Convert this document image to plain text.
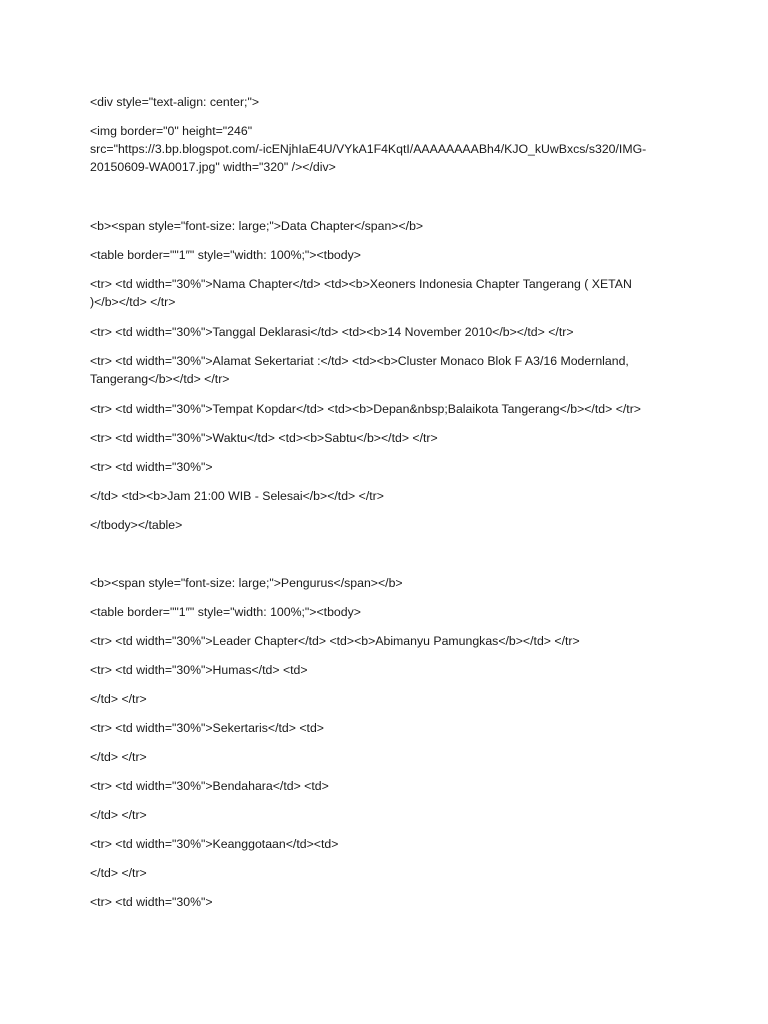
<div style="text-align: center;">

<img border="0" height="246"
src="https://3.bp.blogspot.com/-icENjhIaE4U/VYkA1F4KqtI/AAAAAAAABh4/KJO_kUwBxcs/s320/IMG-
20150609-WA0017.jpg" width="320" /></div>

<b><span style="font-size: large;">Data Chapter</span></b>

<table border=""1″" style="width: 100%;"><tbody>

<tr> <td width="30%">Nama Chapter</td> <td><b>Xeoners Indonesia Chapter Tangerang ( XETAN
)</b></td> </tr>

<tr> <td width="30%">Tanggal Deklarasi</td> <td><b>14 November 2010</b></td> </tr>

<tr> <td width="30%">Alamat Sekertariat :</td> <td><b>Cluster Monaco Blok F A3/16 Modernland,
Tangerang</b></td> </tr>

<tr> <td width="30%">Tempat Kopdar</td> <td><b>Depan&nbsp;Balaikota Tangerang</b></td> </tr>

<tr> <td width="30%">Waktu</td> <td><b>Sabtu</b></td> </tr>

<tr> <td width="30%">

</td> <td><b>Jam 21:00 WIB - Selesai</b></td> </tr>

</tbody></table>

<b><span style="font-size: large;">Pengurus</span></b>

<table border=""1″" style="width: 100%;"><tbody>

<tr> <td width="30%">Leader Chapter</td> <td><b>Abimanyu Pamungkas</b></td> </tr>

<tr> <td width="30%">Humas</td> <td>

</td> </tr>

<tr> <td width="30%">Sekertaris</td> <td>

</td> </tr>

<tr> <td width="30%">Bendahara</td> <td>

</td> </tr>

<tr> <td width="30%">Keanggotaan</td><td>

</td> </tr>

<tr> <td width="30%">
